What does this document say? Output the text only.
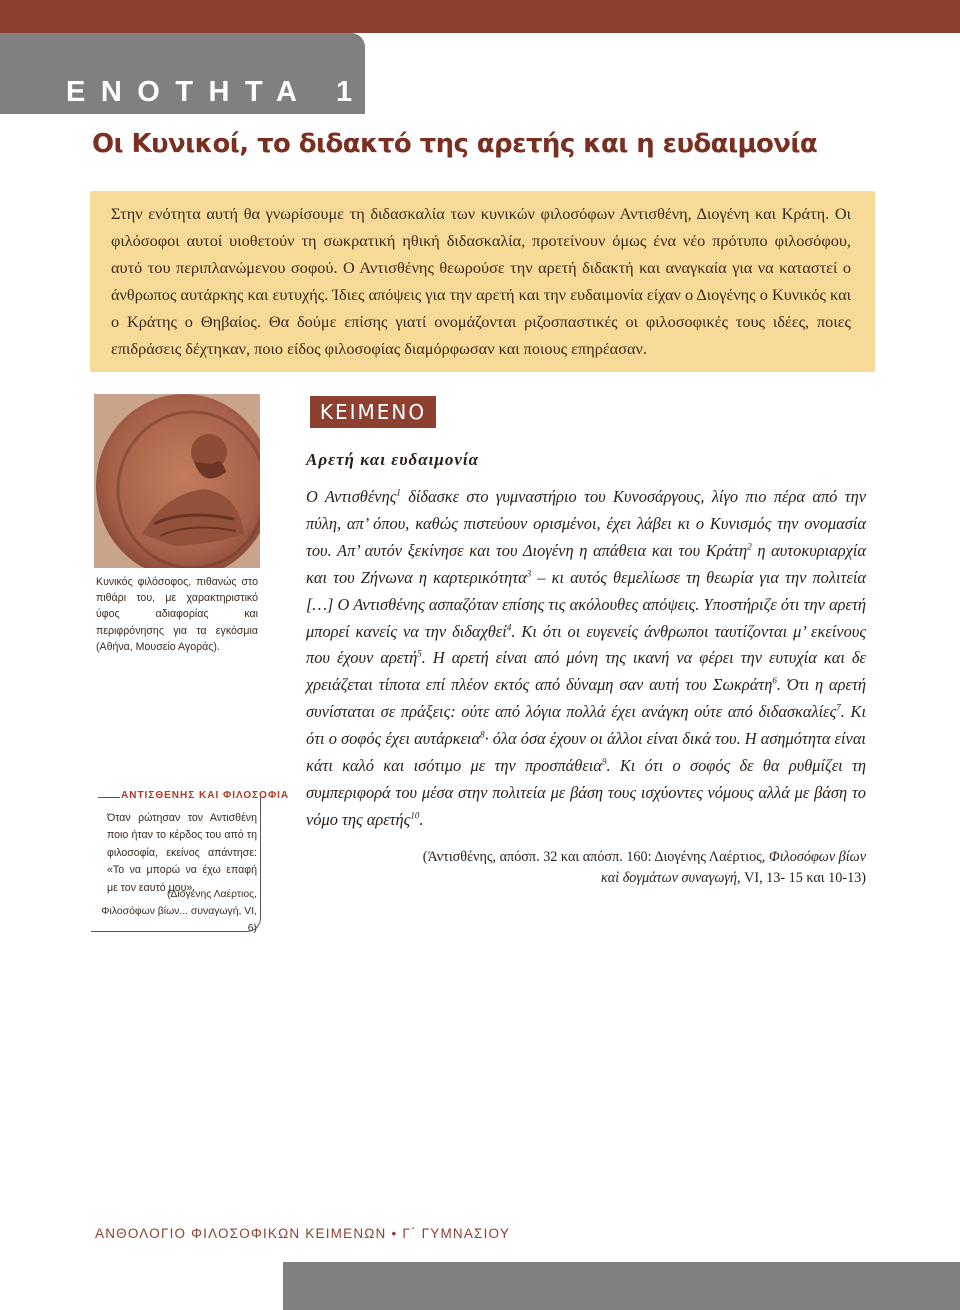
ΕΝΟΤΗΤΑ 1η
Οι Κυνικοί, το διδακτό της αρετής και η ευδαιμονία

Στην ενότητα αυτή θα γνωρίσουμε τη διδασκαλία των κυνικών φιλοσόφων Αντισθένη, Διογένη και Κράτη. Οι φιλόσοφοι αυτοί υιοθετούν τη σωκρατική ηθική διδασκαλία, προτείνουν όμως ένα νέο πρότυπο φιλοσόφου, αυτό του περιπλανώμενου σοφού. Ο Αντισθένης θεωρούσε την αρετή διδακτή και αναγκαία για να καταστεί ο άνθρωπος αυτάρκης και ευτυχής. Ίδιες απόψεις για την αρετή και την ευδαιμονία είχαν ο Διογένης ο Κυνικός και ο Κράτης ο Θηβαίος. Θα δούμε επίσης γιατί ονομάζονται ριζοσπαστικές οι φιλοσοφικές τους ιδέες, ποιες επιδράσεις δέχτηκαν, ποιο είδος φιλοσοφίας διαμόρφωσαν και ποιους επηρέασαν.

Κυνικός φιλόσοφος, πιθανώς στο πιθάρι του, με χαρακτηριστικό ύφος αδιαφορίας και περιφρόνησης για τα εγκόσμια (Αθήνα, Μουσείο Αγοράς).

ΑΝΤΙΣΘΕΝΗΣ ΚΑΙ ΦΙΛΟΣΟΦΙΑ

Όταν ρώτησαν τον Αντισθένη ποιο ήταν το κέρδος του από τη φιλοσοφία, εκείνος απάντησε: «Το να μπορώ να έχω επαφή με τον εαυτό μου».

(Διογένης Λαέρτιος,
Φιλοσόφων βίων... συναγωγή, VI, 6)

ΚΕΙΜΕΝΟ
Αρετή και ευδαιμονία

Ο Αντισθένης$^1$ δίδασκε στο γυμναστήριο του Κυνοσάργους, λίγο πιο πέρα από την πύλη, απ’ όπου, καθώς πιστεύουν ορισμένοι, έχει λάβει κι ο Κυνισμός την ονομασία του. Απ’ αυτόν ξεκίνησε και του Διογένη η απάθεια και του Κράτη$^2$ η αυτοκυριαρχία και του Ζήνωνα η καρτερικότητα$^3$ – κι αυτός θεμελίωσε τη θεωρία για την πολιτεία […] Ο Αντισθένης ασπαζόταν επίσης τις ακόλουθες απόψεις. Υποστήριζε ότι την αρετή μπορεί κανείς να την διδαχθεί$^4$. Κι ότι οι ευγενείς άνθρωποι ταυτίζονται μ’ εκείνους που έχουν αρετή$^5$. Η αρετή είναι από μόνη της ικανή να φέρει την ευτυχία και δε χρειάζεται τίποτα επί πλέον εκτός από δύναμη σαν αυτή του Σωκράτη$^6$. Ότι η αρετή συνίσταται σε πράξεις: ούτε από λόγια πολλά έχει ανάγκη ούτε από διδασκαλίες$^7$. Κι ότι ο σοφός έχει αυτάρκεια$^8$· όλα όσα έχουν οι άλλοι είναι δικά του. Η ασημότητα είναι κάτι καλό και ισότιμο με την προσπάθεια$^9$. Κι ότι ο σοφός δε θα ρυθμίζει τη συμπεριφορά του μέσα στην πολιτεία με βάση τους ισχύοντες νόμους αλλά με βάση το νόμο της αρετής$^{10}$.

(Άντισθένης, απόσπ. 32 και απόσπ. 160: Διογένης Λαέρτιος, Φιλοσόφων βίων

καὶ δογμάτων συναγωγή, VI, 13- 15 και 10-13)

ΑΝΘΟΛΟΓΙΟ ΦΙΛΟΣΟΦΙΚΩΝ ΚΕΙΜΕΝΩΝ • Γ΄ ΓΥΜΝΑΣΙΟΥ
